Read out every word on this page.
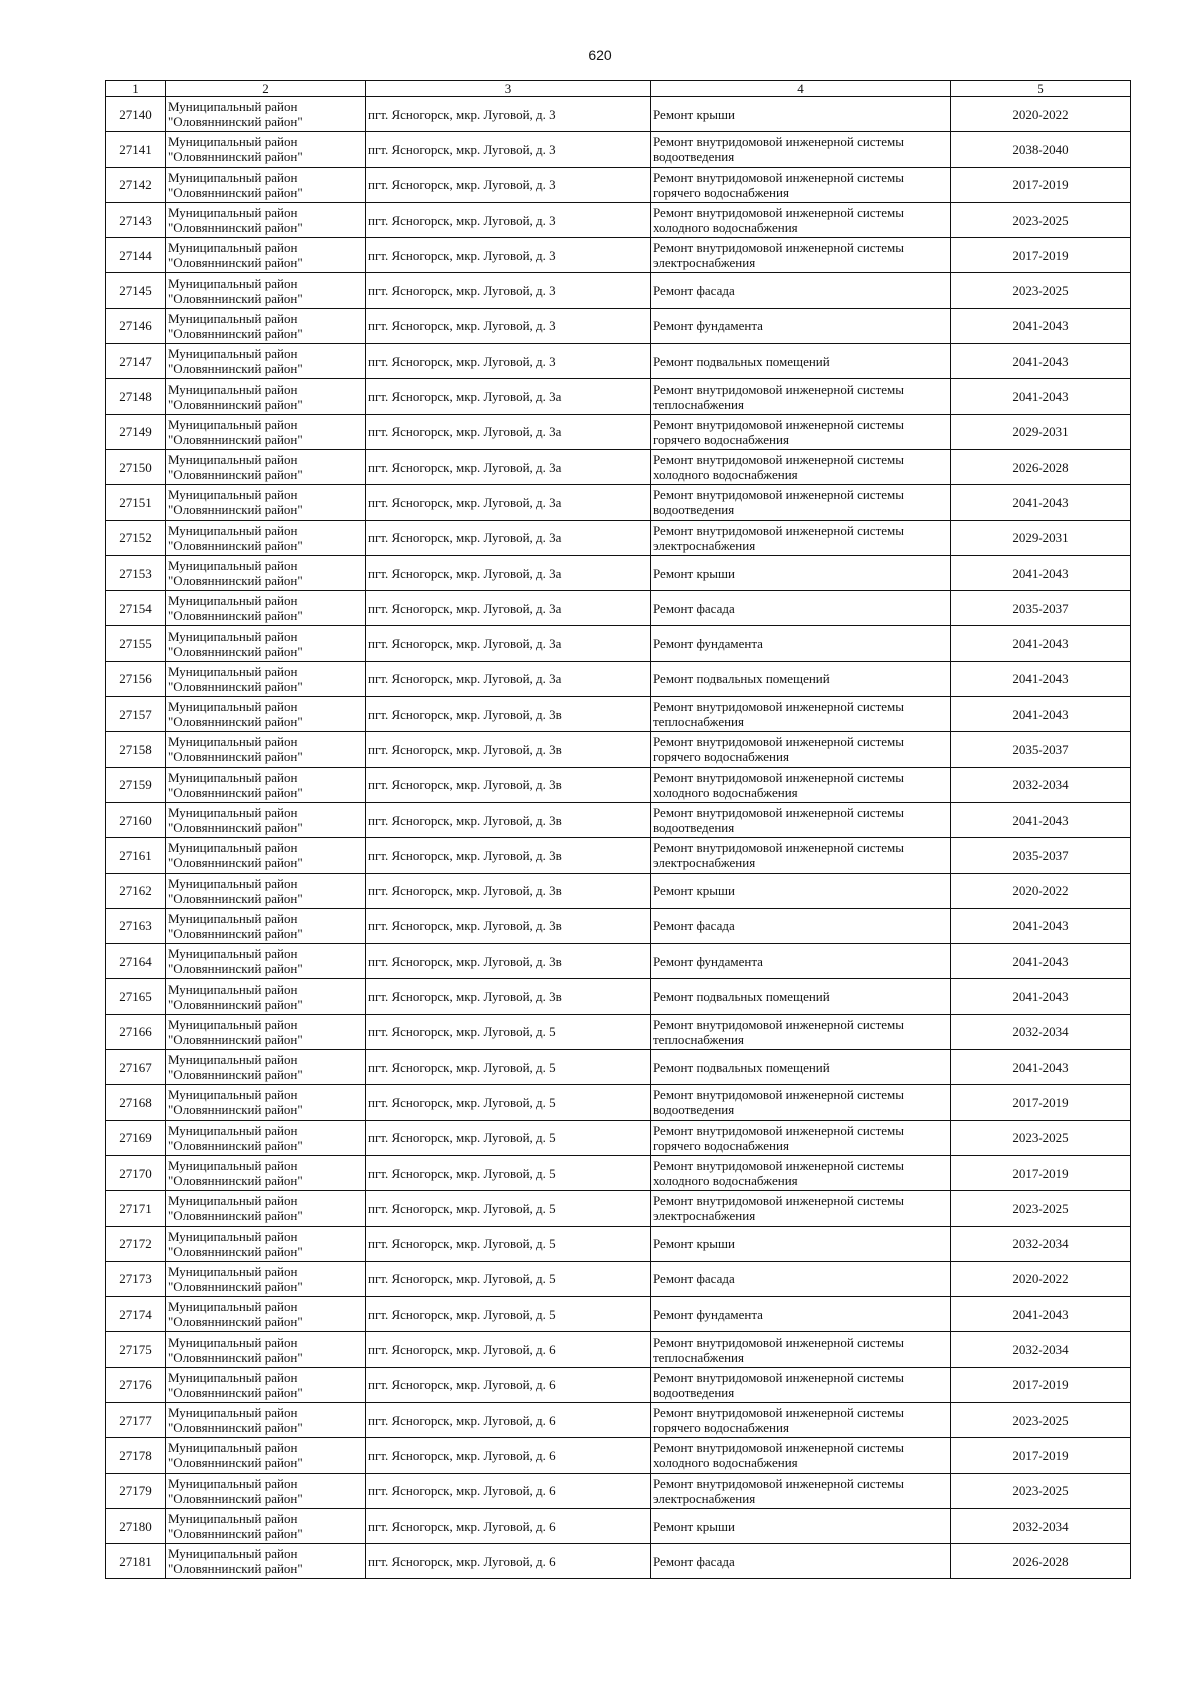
620
1	2	3	4	5
27140	Муниципальный район "Оловяннинский район"	пгт. Ясногорск, мкр. Луговой, д. 3	Ремонт крыши	2020-2022
27141	Муниципальный район "Оловяннинский район"	пгт. Ясногорск, мкр. Луговой, д. 3	Ремонт внутридомовой инженерной системы водоотведения	2038-2040
27142	Муниципальный район "Оловяннинский район"	пгт. Ясногорск, мкр. Луговой, д. 3	Ремонт внутридомовой инженерной системы горячего водоснабжения	2017-2019
27143	Муниципальный район "Оловяннинский район"	пгт. Ясногорск, мкр. Луговой, д. 3	Ремонт внутридомовой инженерной системы холодного водоснабжения	2023-2025
27144	Муниципальный район "Оловяннинский район"	пгт. Ясногорск, мкр. Луговой, д. 3	Ремонт внутридомовой инженерной системы электроснабжения	2017-2019
27145	Муниципальный район "Оловяннинский район"	пгт. Ясногорск, мкр. Луговой, д. 3	Ремонт фасада	2023-2025
27146	Муниципальный район "Оловяннинский район"	пгт. Ясногорск, мкр. Луговой, д. 3	Ремонт фундамента	2041-2043
27147	Муниципальный район "Оловяннинский район"	пгт. Ясногорск, мкр. Луговой, д. 3	Ремонт подвальных помещений	2041-2043
27148	Муниципальный район "Оловяннинский район"	пгт. Ясногорск, мкр. Луговой, д. 3а	Ремонт внутридомовой инженерной системы теплоснабжения	2041-2043
27149	Муниципальный район "Оловяннинский район"	пгт. Ясногорск, мкр. Луговой, д. 3а	Ремонт внутридомовой инженерной системы горячего водоснабжения	2029-2031
27150	Муниципальный район "Оловяннинский район"	пгт. Ясногорск, мкр. Луговой, д. 3а	Ремонт внутридомовой инженерной системы холодного водоснабжения	2026-2028
27151	Муниципальный район "Оловяннинский район"	пгт. Ясногорск, мкр. Луговой, д. 3а	Ремонт внутридомовой инженерной системы водоотведения	2041-2043
27152	Муниципальный район "Оловяннинский район"	пгт. Ясногорск, мкр. Луговой, д. 3а	Ремонт внутридомовой инженерной системы электроснабжения	2029-2031
27153	Муниципальный район "Оловяннинский район"	пгт. Ясногорск, мкр. Луговой, д. 3а	Ремонт крыши	2041-2043
27154	Муниципальный район "Оловяннинский район"	пгт. Ясногорск, мкр. Луговой, д. 3а	Ремонт фасада	2035-2037
27155	Муниципальный район "Оловяннинский район"	пгт. Ясногорск, мкр. Луговой, д. 3а	Ремонт фундамента	2041-2043
27156	Муниципальный район "Оловяннинский район"	пгт. Ясногорск, мкр. Луговой, д. 3а	Ремонт подвальных помещений	2041-2043
27157	Муниципальный район "Оловяннинский район"	пгт. Ясногорск, мкр. Луговой, д. 3в	Ремонт внутридомовой инженерной системы теплоснабжения	2041-2043
27158	Муниципальный район "Оловяннинский район"	пгт. Ясногорск, мкр. Луговой, д. 3в	Ремонт внутридомовой инженерной системы горячего водоснабжения	2035-2037
27159	Муниципальный район "Оловяннинский район"	пгт. Ясногорск, мкр. Луговой, д. 3в	Ремонт внутридомовой инженерной системы холодного водоснабжения	2032-2034
27160	Муниципальный район "Оловяннинский район"	пгт. Ясногорск, мкр. Луговой, д. 3в	Ремонт внутридомовой инженерной системы водоотведения	2041-2043
27161	Муниципальный район "Оловяннинский район"	пгт. Ясногорск, мкр. Луговой, д. 3в	Ремонт внутридомовой инженерной системы электроснабжения	2035-2037
27162	Муниципальный район "Оловяннинский район"	пгт. Ясногорск, мкр. Луговой, д. 3в	Ремонт крыши	2020-2022
27163	Муниципальный район "Оловяннинский район"	пгт. Ясногорск, мкр. Луговой, д. 3в	Ремонт фасада	2041-2043
27164	Муниципальный район "Оловяннинский район"	пгт. Ясногорск, мкр. Луговой, д. 3в	Ремонт фундамента	2041-2043
27165	Муниципальный район "Оловяннинский район"	пгт. Ясногорск, мкр. Луговой, д. 3в	Ремонт подвальных помещений	2041-2043
27166	Муниципальный район "Оловяннинский район"	пгт. Ясногорск, мкр. Луговой, д. 5	Ремонт внутридомовой инженерной системы теплоснабжения	2032-2034
27167	Муниципальный район "Оловяннинский район"	пгт. Ясногорск, мкр. Луговой, д. 5	Ремонт подвальных помещений	2041-2043
27168	Муниципальный район "Оловяннинский район"	пгт. Ясногорск, мкр. Луговой, д. 5	Ремонт внутридомовой инженерной системы водоотведения	2017-2019
27169	Муниципальный район "Оловяннинский район"	пгт. Ясногорск, мкр. Луговой, д. 5	Ремонт внутридомовой инженерной системы горячего водоснабжения	2023-2025
27170	Муниципальный район "Оловяннинский район"	пгт. Ясногорск, мкр. Луговой, д. 5	Ремонт внутридомовой инженерной системы холодного водоснабжения	2017-2019
27171	Муниципальный район "Оловяннинский район"	пгт. Ясногорск, мкр. Луговой, д. 5	Ремонт внутридомовой инженерной системы электроснабжения	2023-2025
27172	Муниципальный район "Оловяннинский район"	пгт. Ясногорск, мкр. Луговой, д. 5	Ремонт крыши	2032-2034
27173	Муниципальный район "Оловяннинский район"	пгт. Ясногорск, мкр. Луговой, д. 5	Ремонт фасада	2020-2022
27174	Муниципальный район "Оловяннинский район"	пгт. Ясногорск, мкр. Луговой, д. 5	Ремонт фундамента	2041-2043
27175	Муниципальный район "Оловяннинский район"	пгт. Ясногорск, мкр. Луговой, д. 6	Ремонт внутридомовой инженерной системы теплоснабжения	2032-2034
27176	Муниципальный район "Оловяннинский район"	пгт. Ясногорск, мкр. Луговой, д. 6	Ремонт внутридомовой инженерной системы водоотведения	2017-2019
27177	Муниципальный район "Оловяннинский район"	пгт. Ясногорск, мкр. Луговой, д. 6	Ремонт внутридомовой инженерной системы горячего водоснабжения	2023-2025
27178	Муниципальный район "Оловяннинский район"	пгт. Ясногорск, мкр. Луговой, д. 6	Ремонт внутридомовой инженерной системы холодного водоснабжения	2017-2019
27179	Муниципальный район "Оловяннинский район"	пгт. Ясногорск, мкр. Луговой, д. 6	Ремонт внутридомовой инженерной системы электроснабжения	2023-2025
27180	Муниципальный район "Оловяннинский район"	пгт. Ясногорск, мкр. Луговой, д. 6	Ремонт крыши	2032-2034
27181	Муниципальный район "Оловяннинский район"	пгт. Ясногорск, мкр. Луговой, д. 6	Ремонт фасада	2026-2028
